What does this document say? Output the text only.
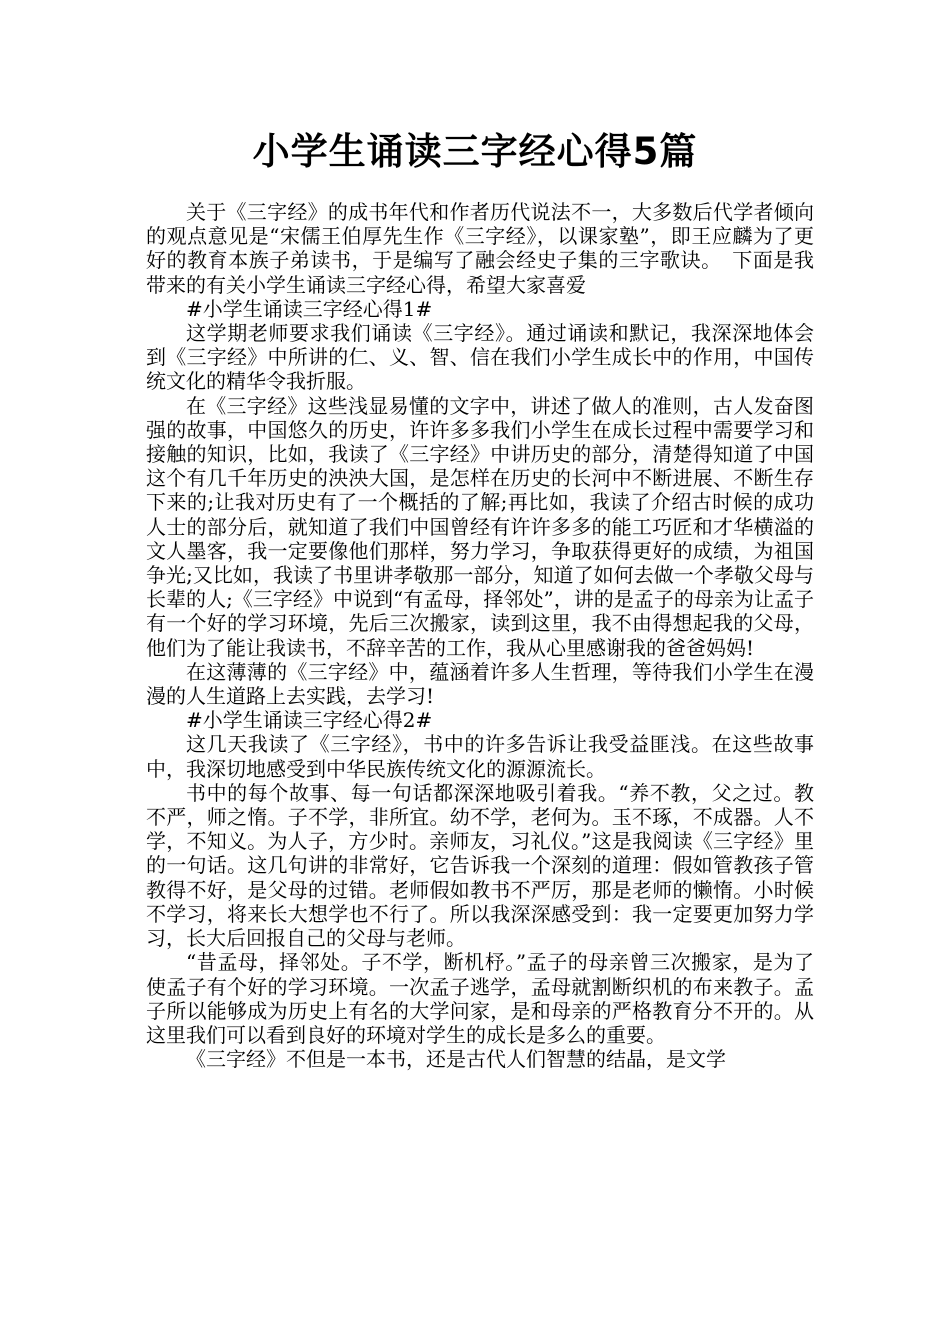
小学生诵读三字经心得5篇

关于《三字经》的成书年代和作者历代说法不一，大多数后代学者倾向的观点意见是“宋儒王伯厚先生作《三字经》，以课家塾”，即王应麟为了更好的教育本族子弟读书，于是编写了融会经史子集的三字歌诀。　下面是我带来的有关小学生诵读三字经心得，希望大家喜爱

#小学生诵读三字经心得1#

这学期老师要求我们诵读《三字经》。通过诵读和默记，我深深地体会到《三字经》中所讲的仁、义、智、信在我们小学生成长中的作用，中国传统文化的精华令我折服。

在《三字经》这些浅显易懂的文字中，讲述了做人的准则，古人发奋图强的故事，中国悠久的历史，许许多多我们小学生在成长过程中需要学习和接触的知识，比如，我读了《三字经》中讲历史的部分，清楚得知道了中国这个有几千年历史的泱泱大国，是怎样在历史的长河中不断进展、不断生存下来的;让我对历史有了一个概括的了解;再比如，我读了介绍古时候的成功人士的部分后，就知道了我们中国曾经有许许多多的能工巧匠和才华横溢的文人墨客，我一定要像他们那样，努力学习，争取获得更好的成绩，为祖国争光;又比如，我读了书里讲孝敬那一部分，知道了如何去做一个孝敬父母与长辈的人;《三字经》中说到“有孟母，择邻处”，讲的是孟子的母亲为让孟子有一个好的学习环境，先后三次搬家，读到这里，我不由得想起我的父母，他们为了能让我读书，不辞辛苦的工作，我从心里感谢我的爸爸妈妈!

在这薄薄的《三字经》中，蕴涵着许多人生哲理，等待我们小学生在漫漫的人生道路上去实践，去学习!

#小学生诵读三字经心得2#

这几天我读了《三字经》，书中的许多告诉让我受益匪浅。在这些故事中，我深切地感受到中华民族传统文化的源源流长。

书中的每个故事、每一句话都深深地吸引着我。“养不教，父之过。教不严，师之惰。子不学，非所宜。幼不学，老何为。玉不琢，不成器。人不学，不知义。为人子，方少时。亲师友，习礼仪。”这是我阅读《三字经》里的一句话。这几句讲的非常好，它告诉我一个深刻的道理：假如管教孩子管教得不好，是父母的过错。老师假如教书不严厉，那是老师的懒惰。小时候不学习，将来长大想学也不行了。所以我深深感受到：我一定要更加努力学习，长大后回报自己的父母与老师。

“昔孟母，择邻处。子不学，断机杼。”孟子的母亲曾三次搬家，是为了使孟子有个好的学习环境。一次孟子逃学，孟母就割断织机的布来教子。孟子所以能够成为历史上有名的大学问家，是和母亲的严格教育分不开的。从这里我们可以看到良好的环境对学生的成长是多么的重要。

《三字经》不但是一本书，还是古代人们智慧的结晶，是文学
